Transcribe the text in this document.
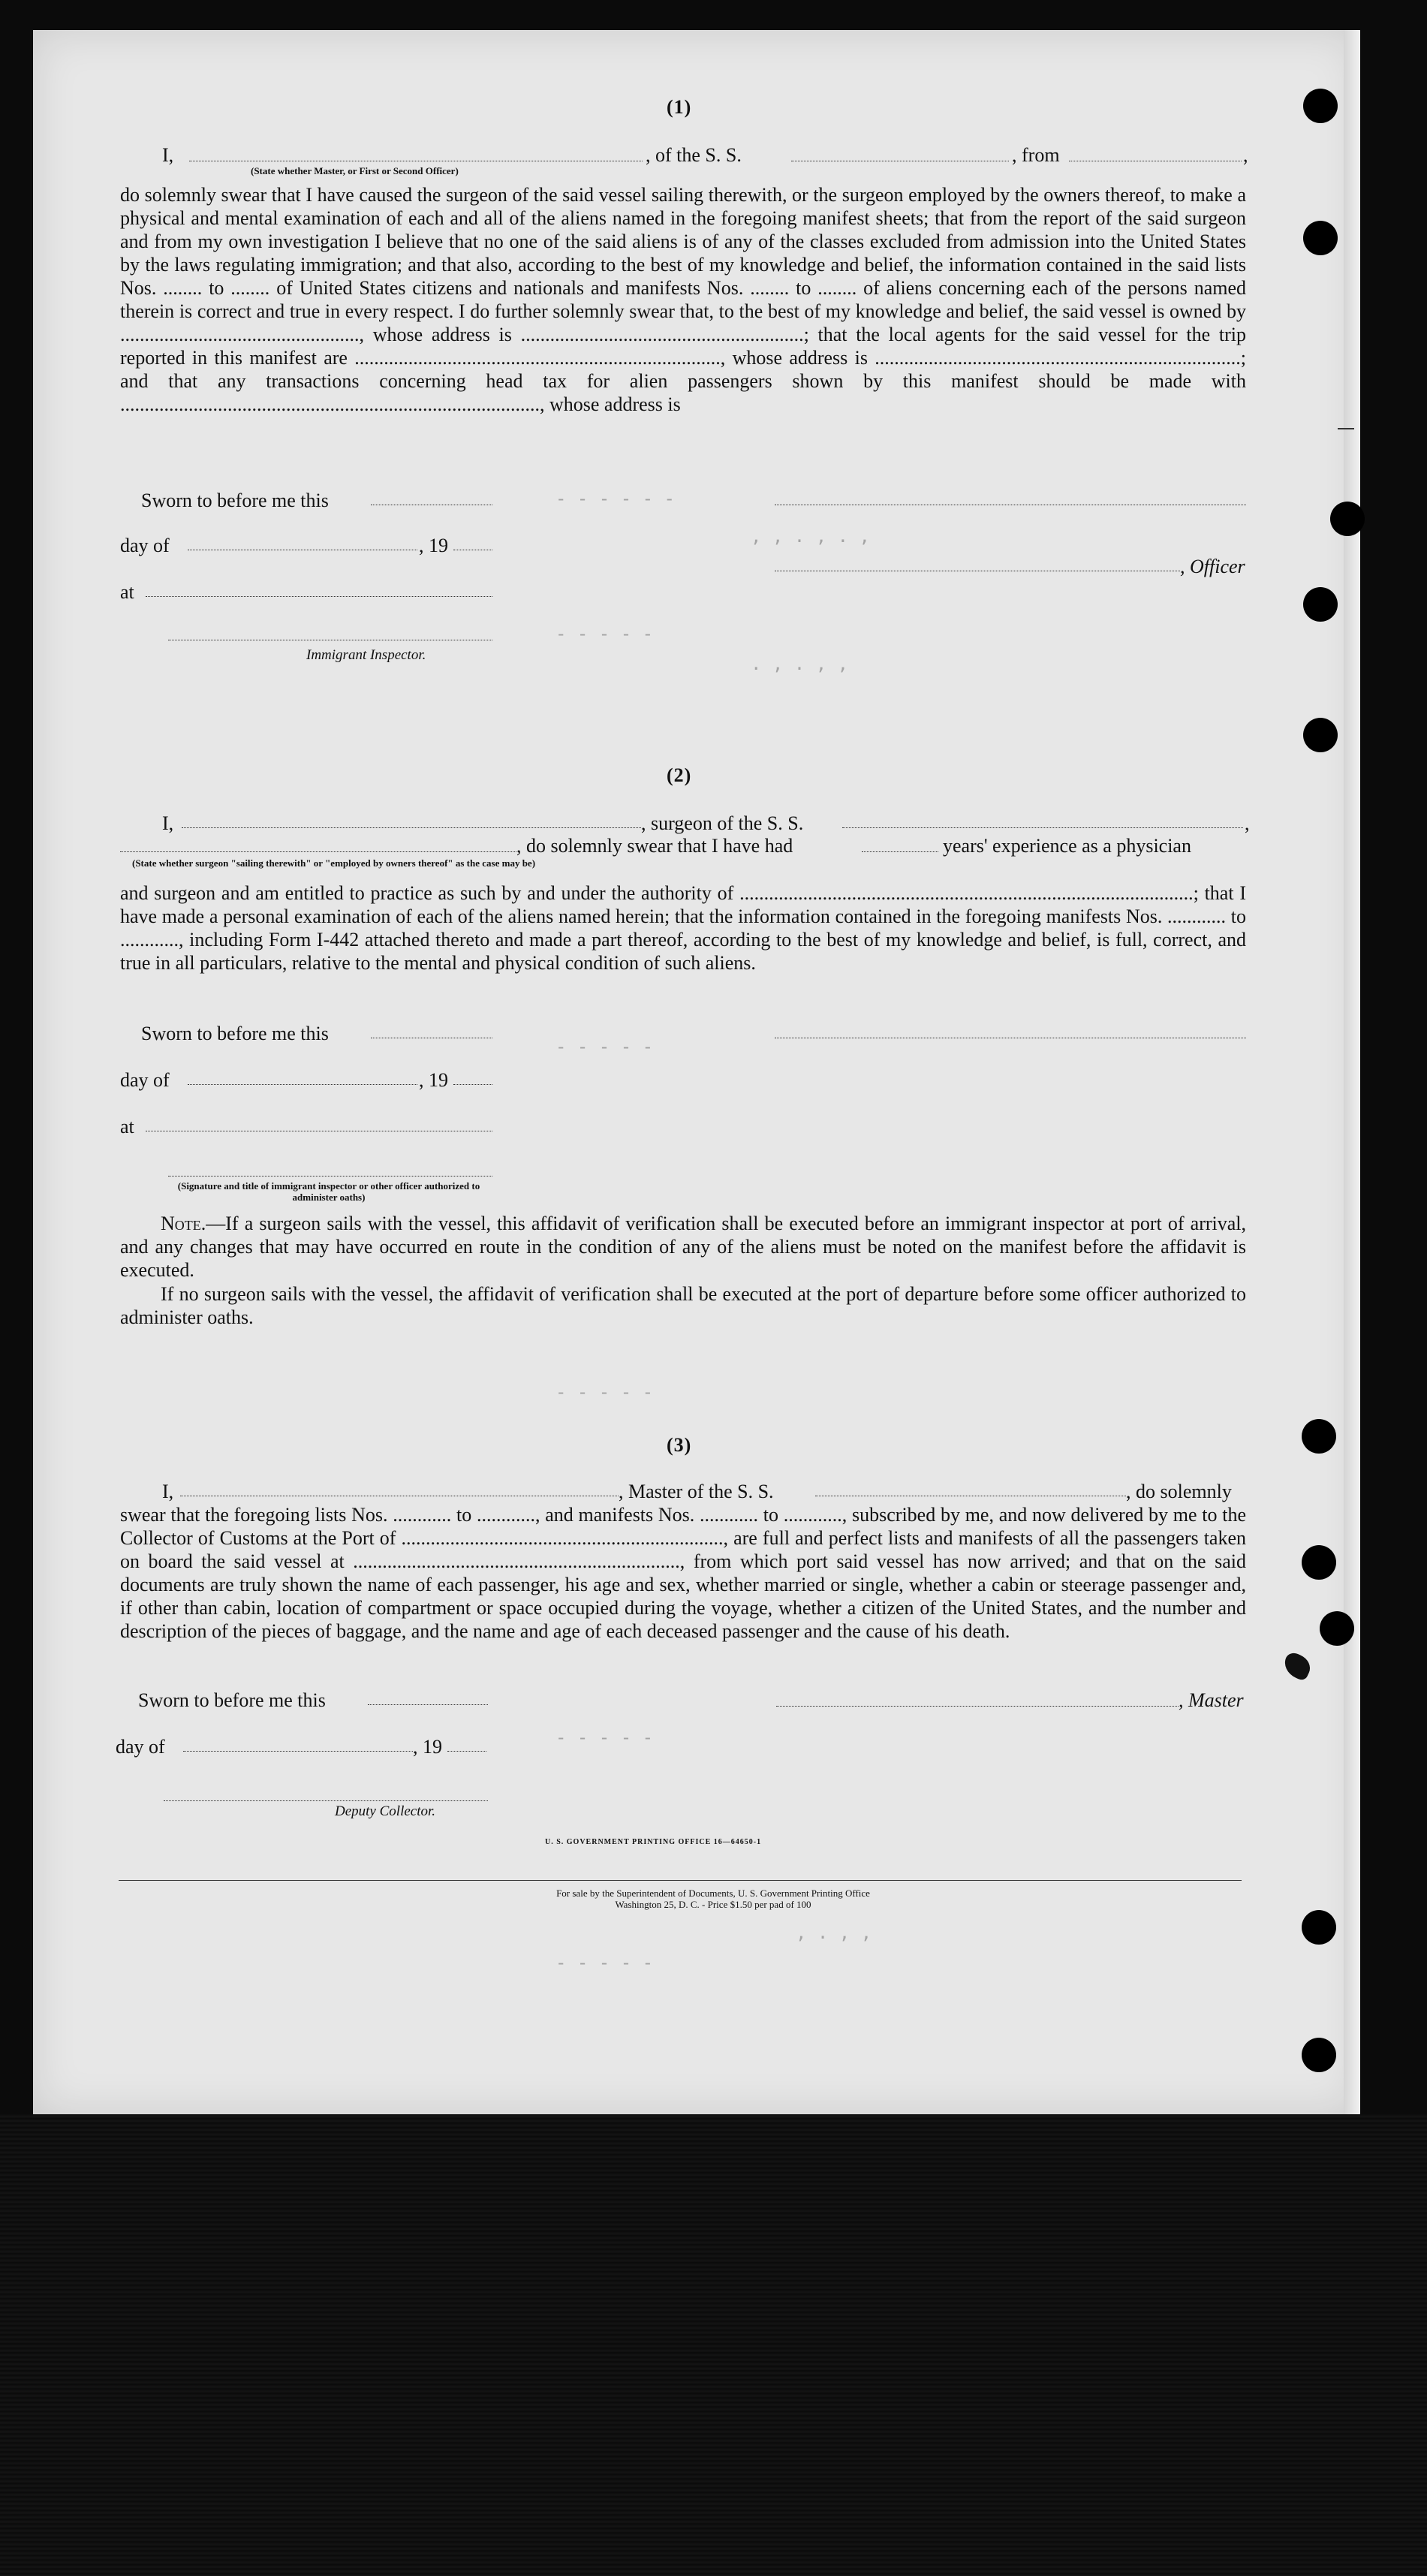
- - - - - -
, , . , . ,
- - - - -
. , . , ,
- - - - -
- - - - -
- - - - -
- - - - -
, . , ,
(1)
I,	, of the S. S.	, from	,
(State whether Master, or First or Second Officer)
do solemnly swear that I have caused the surgeon of the said vessel sailing therewith, or the surgeon employed by the owners thereof, to make a physical and mental examination of each and all of the aliens named in the foregoing manifest sheets; that from the report of the said surgeon and from my own investigation I believe that no one of the said aliens is of any of the classes excluded from admission into the United States by the laws regulating immigration; and that also, according to the best of my knowledge and belief, the information contained in the said lists Nos. ........ to ........ of United States citizens and nationals and manifests Nos. ........ to ........ of aliens concerning each of the persons named therein is correct and true in every respect. I do further solemnly swear that, to the best of my knowledge and belief, the said vessel is owned by ................................................., whose address is ..........................................................; that the local agents for the said vessel for the trip reported in this manifest are ..........................................................................., whose address is ...........................................................................; and that any transactions concerning head tax for alien passengers shown by this manifest should be made with ......................................................................................, whose address is
Sworn to before me this
day of	, 19
at
Immigrant Inspector.
, Officer
(2)
I,	, surgeon of the S. S.	,
, do solemnly swear that I have had	years' experience as a physician
(State whether surgeon "sailing therewith" or "employed by owners thereof" as the case may be)
and surgeon and am entitled to practice as such by and under the authority of .............................................................................................; that I have made a personal examination of each of the aliens named herein; that the information contained in the foregoing manifests Nos. ............ to ............, including Form I-442 attached thereto and made a part thereof, according to the best of my knowledge and belief, is full, correct, and true in all particulars, relative to the mental and physical condition of such aliens.
Sworn to before me this
day of	, 19
at
(Signature and title of immigrant inspector or other officer authorized to administer oaths)
Note.—If a surgeon sails with the vessel, this affidavit of verification shall be executed before an immigrant inspector at port of arrival, and any changes that may have occurred en route in the condition of any of the aliens must be noted on the manifest before the affidavit is executed.
If no surgeon sails with the vessel, the affidavit of verification shall be executed at the port of departure before some officer authorized to administer oaths.
(3)
I,	, Master of the S. S.	, do solemnly
swear that the foregoing lists Nos. ............ to ............, and manifests Nos. ............ to ............, subscribed by me, and now delivered by me to the Collector of Customs at the Port of .................................................................., are full and perfect lists and manifests of all the passengers taken on board the said vessel at ..................................................................., from which port said vessel has now arrived; and that on the said documents are truly shown the name of each passenger, his age and sex, whether married or single, whether a cabin or steerage passenger and, if other than cabin, location of compartment or space occupied during the voyage, whether a citizen of the United States, and the number and description of the pieces of baggage, and the name and age of each deceased passenger and the cause of his death.
Sworn to before me this	, Master
day of	, 19
Deputy Collector.
U. S. GOVERNMENT PRINTING OFFICE 16—64650-1
For sale by the Superintendent of Documents, U. S. Government Printing Office
Washington 25, D. C. - Price $1.50 per pad of 100
